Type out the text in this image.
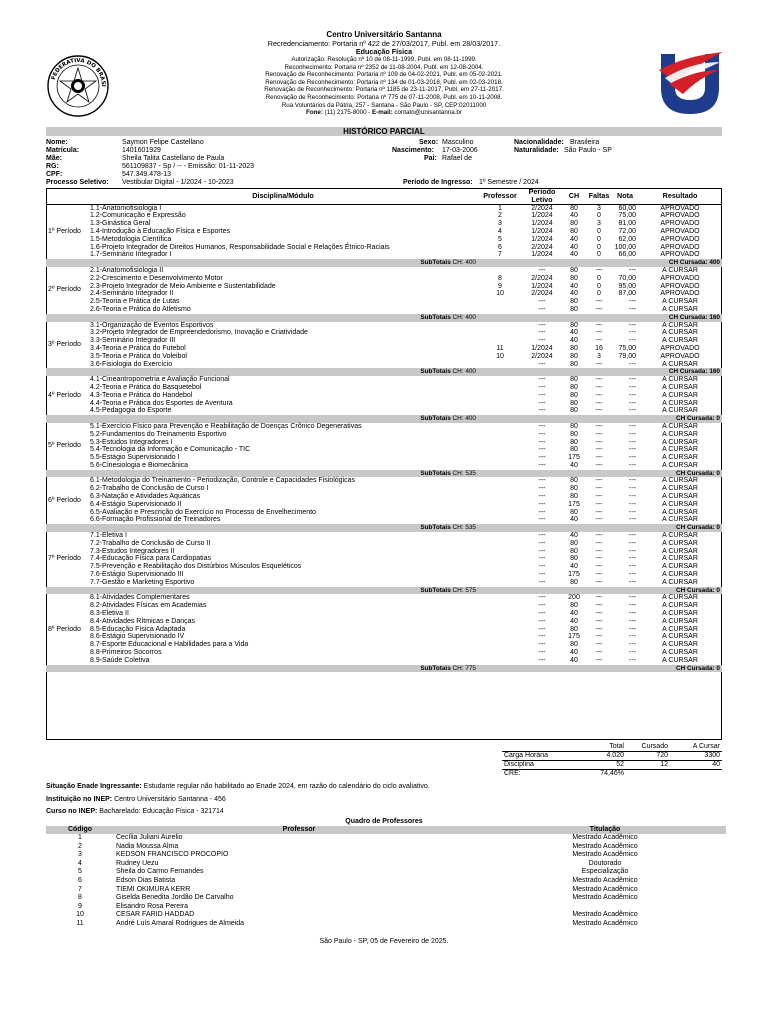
FEDERATIVA DO BRASI
Centro Universitário Santanna
Recredenciamento: Portaria nº 422 de 27/03/2017, Publ. em 28/03/2017.
Educação Física
Autorização: Resolução nº 10 de 08-11-1999, Publ. em 08-11-1999.
Reconhecimento: Portaria nº 2352 de 11-08-2004, Publ. em 12-08-2004.
Renovação de Reconhecimento: Portaria nº 109 de 04-02-2021, Publ. em 05-02-2021.
Renovação de Reconhecimento: Portaria nº 134 de 01-03-2018, Publ. em 02-03-2018.
Renovação de Reconhecimento: Portaria nº 1185 de 23-11-2017, Publ. em 27-11-2017.
Renovação de Reconhecimento: Portaria nº 775 de 07-11-2008, Publ. em 10-11-2008.
Rua Voluntários da Pátria, 257 - Santana - São Paulo - SP, CEP:02011000
Fone: (11) 2175-8000 - E-mail: contato@unisantanna.br
HISTÓRICO PARCIAL
Nome:	Saymon Felipe Castellano
Matrícula:	1401601929
Mãe:	Sheila Talita Castellano de Paula
RG:	561109837 - Sp / -- - Emissão: 01-11-2023
CPF:	547.349.478-13
Processo Seletivo: Vestibular Digital - 1/2024 - 10-2023
Sexo: Masculino
Nascimento: 17-03-2006
Pai: Rafael de
Período de Ingresso: 1º Semestre / 2024
Nacionalidade: Brasileira
Naturalidade: São Paulo - SP
	Disciplina/Módulo	Professor	Período	CH	Faltas	Nota	Resultado
			Letivo				
1º Período	1.1-Anatomofisiologia I	1	2/2024	80	3	60,00	APROVADO
	1.2-Comunicação e Expressão	2	1/2024	40	0	75,00	APROVADO
	1.3-Ginástica Geral	3	1/2024	80	3	81,00	APROVADO
	1.4-Introdução à Educação Física e Esportes	4	1/2024	80	0	72,00	APROVADO
	1.5-Metodologia Científica	5	1/2024	40	0	62,00	APROVADO
	1.6-Projeto Integrador de Direitos Humanos, Responsabilidade Social e Relações Étnico-Raciais	6	2/2024	40	0	100,00	APROVADO
	1.7-Seminário Integrador I	7	1/2024	40	0	66,00	APROVADO
SubTotais CH: 400		CH Cursada: 400					
2º Período	2.1-Anatomofisiologia II		---	80	---	---	A CURSAR
	2.2-Crescimento e Desenvolvimento Motor	8	2/2024	80	0	70,00	APROVADO
	2.3-Projeto Integrador de Meio Ambiente e Sustentabilidade	9	1/2024	40	0	95,00	APROVADO
	2.4-Seminário Integrador II	10	2/2024	40	0	87,00	APROVADO
	2.5-Teoria e Prática de Lutas		---	80	---	---	A CURSAR
	2.6-Teoria e Prática do Atletismo		---	80	---	---	A CURSAR
SubTotais CH: 400		CH Cursada: 160					
3º Período	3.1-Organização de Eventos Esportivos		---	80	---	---	A CURSAR
	3.2-Projeto Integrador de Empreendedorismo, Inovação e Criatividade		---	40	---	---	A CURSAR
	3.3-Seminário Integrador III		---	40	---	---	A CURSAR
	3.4-Teoria e Prática do Futebol	11	1/2024	80	16	75,00	APROVADO
	3.5-Teoria e Prática do Voleibol	10	2/2024	80	3	79,00	APROVADO
	3.6-Fisiologia do Exercício		---	80	---	---	A CURSAR
SubTotais CH: 400		CH Cursada: 160					
4º Período	4.1-Cineantropometria e Avaliação Funcional		---	80	---	---	A CURSAR
	4.2-Teoria e Prática do Basquetebol		---	80	---	---	A CURSAR
	4.3-Teoria e Prática do Handebol		---	80	---	---	A CURSAR
	4.4-Teoria e Prática dos Esportes de Aventura		---	80	---	---	A CURSAR
	4.5-Pedagogia do Esporte		---	80	---	---	A CURSAR
SubTotais CH: 400		CH Cursada: 0					
5º Período	5.1-Exercício Físico para Prevenção e Reabilitação de Doenças Crônico Degenerativas		---	80	---	---	A CURSAR
	5.2-Fundamentos do Treinamento Esportivo		---	80	---	---	A CURSAR
	5.3-Estudos Integradores I		---	80	---	---	A CURSAR
	5.4-Tecnologia da Informação e Comunicação - TIC		---	80	---	---	A CURSAR
	5.5-Estágio Supervisionado I		---	175	---	---	A CURSAR
	5.6-Cinesiologia e Biomecânica		---	40	---	---	A CURSAR
SubTotais CH: 535		CH Cursada: 0					
6º Período	6.1-Metodologia do Treinamento - Periodização, Controle e Capacidades Fisiológicas		---	80	---	---	A CURSAR
	6.2-Trabalho de Conclusão de Curso I		---	80	---	---	A CURSAR
	6.3-Natação e Atividades Aquáticas		---	80	---	---	A CURSAR
	6.4-Estágio Supervisionado II		---	175	---	---	A CURSAR
	6.5-Avaliação e Prescrição do Exercício no Processo de Envelhecimento		---	80	---	---	A CURSAR
	6.6-Formação Profissional de Treinadores		---	40	---	---	A CURSAR
SubTotais CH: 535		CH Cursada: 0					
7º Período	7.1-Eletiva I		---	40	---	---	A CURSAR
	7.2-Trabalho de Conclusão de Curso II		---	80	---	---	A CURSAR
	7.3-Estudos Integradores II		---	80	---	---	A CURSAR
	7.4-Educação Física para Cardiopatias		---	80	---	---	A CURSAR
	7.5-Prevenção e Reabilitação dos Distúrbios Músculos Esqueléticos		---	40	---	---	A CURSAR
	7.6-Estágio Supervisionado III		---	175	---	---	A CURSAR
	7.7-Gestão e Marketing Esportivo		---	80	---	---	A CURSAR
SubTotais CH: 575		CH Cursada: 0					
8º Período	8.1-Atividades Complementares		---	200	---	---	A CURSAR
	8.2-Atividades Físicas em Academias		---	80	---	---	A CURSAR
	8.3-Eletiva II		---	40	---	---	A CURSAR
	8.4-Atividades Rítmicas e Danças		---	40	---	---	A CURSAR
	8.5-Educação Física Adaptada		---	80	---	---	A CURSAR
	8.6-Estágio Supervisionado IV		---	175	---	---	A CURSAR
	8.7-Esporte Educacional e Habilidades para a Vida		---	80	---	---	A CURSAR
	8.8-Primeiros Socorros		---	40	---	---	A CURSAR
	8.9-Saúde Coletiva		---	40	---	---	A CURSAR
SubTotais CH: 775		CH Cursada: 0					
	Total	Cursado	A Cursar
Carga Horária	4.020	720	3300
Disciplina	52	12	40
CRE:	74,46%		
Situação Enade Ingressante: Estudante regular não habilitado ao Enade 2024, em razão do calendário do ciclo avaliativo.
Instituição no INEP: Centro Universitário Santanna - 456
Curso no INEP: Bacharelado: Educação Física - 321714
Quadro de Professores
Código	Professor	Titulação
1	Cecília Juliani Aurelio	Mestrado Acadêmico
2	Nadia Moussa Alma	Mestrado Acadêmico
3	KEDSON FRANCISCO PROCOPIO	Mestrado Acadêmico
4	Rudney Uezu	Doutorado
5	Sheila do Carmo Fernandes	Especialização
6	Edson Dias Batista	Mestrado Acadêmico
7	TIEMI OKIMURA KERR	Mestrado Acadêmico
8	Giselda Benedita Jordão De Carvalho	Mestrado Acadêmico
9	Elisandro Rosa Pereira	
10	CESAR FARID HADDAD	Mestrado Acadêmico
11	André Luís Amaral Rodrigues de Almeida	Mestrado Acadêmico
São Paulo - SP, 05 de Fevereiro de 2025.
